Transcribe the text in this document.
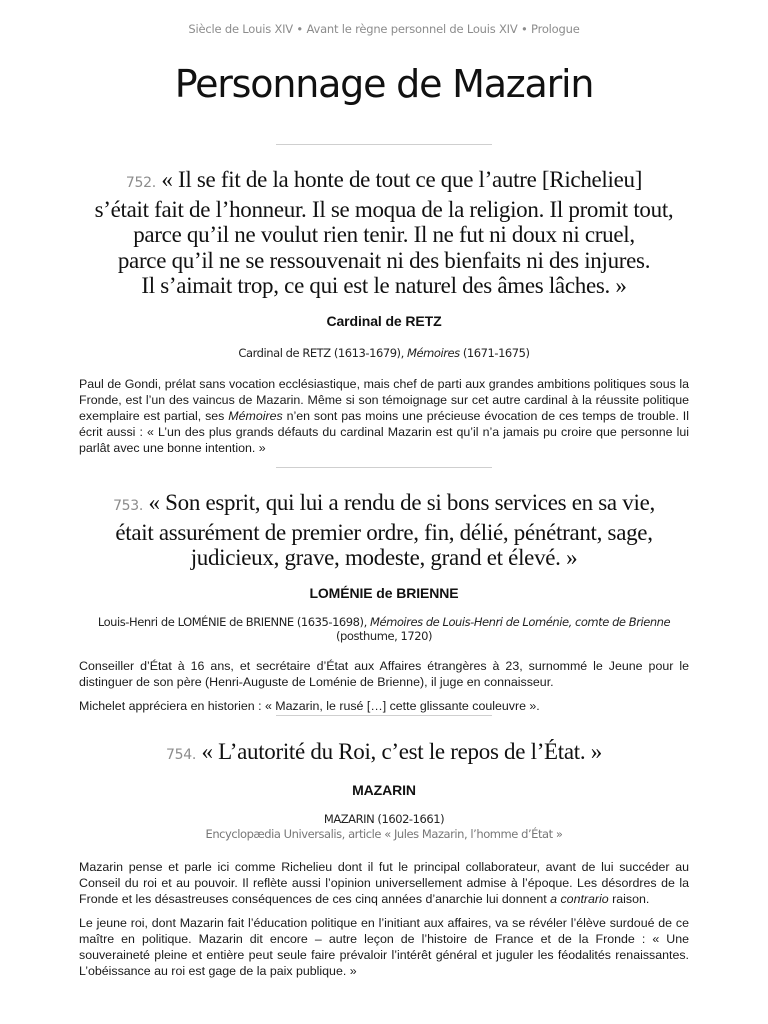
Siècle de Louis XIV • Avant le règne personnel de Louis XIV • Prologue
Personnage de Mazarin

752. « Il se fit de la honte de tout ce que l’autre [Richelieu]
s’était fait de l’honneur. Il se moqua de la religion. Il promit tout,
parce qu’il ne voulut rien tenir. Il ne fut ni doux ni cruel,
parce qu’il ne se ressouvenait ni des bienfaits ni des injures.
Il s’aimait trop, ce qui est le naturel des âmes lâches. »

Cardinal de RETZ

Cardinal de RETZ (1613-1679), Mémoires (1671-1675)

Paul de Gondi, prélat sans vocation ecclésiastique, mais chef de parti aux grandes ambitions politiques sous la Fronde, est l’un des vaincus de Mazarin. Même si son témoignage sur cet autre cardinal à la réussite politique exemplaire est partial, ses Mémoires n’en sont pas moins une précieuse évocation de ces temps de trouble. Il écrit aussi : « L’un des plus grands défauts du cardinal Mazarin est qu’il n’a jamais pu croire que personne lui parlât avec une bonne intention. »

753. « Son esprit, qui lui a rendu de si bons services en sa vie,
était assurément de premier ordre, fin, délié, pénétrant, sage,
judicieux, grave, modeste, grand et élevé. »

LOMÉNIE de BRIENNE

Louis-Henri de LOMÉNIE de BRIENNE (1635-1698), Mémoires de Louis-Henri de Loménie, comte de Brienne (posthume, 1720)

Conseiller d’État à 16 ans, et secrétaire d’État aux Affaires étrangères à 23, surnommé le Jeune pour le distinguer de son père (Henri-Auguste de Loménie de Brienne), il juge en connaisseur.

Michelet appréciera en historien : « Mazarin, le rusé […] cette glissante couleuvre ».

754. « L’autorité du Roi, c’est le repos de l’État. »

MAZARIN

MAZARIN (1602-1661)

Encyclopædia Universalis, article « Jules Mazarin, l’homme d’État »

Mazarin pense et parle ici comme Richelieu dont il fut le principal collaborateur, avant de lui succéder au Conseil du roi et au pouvoir. Il reflète aussi l’opinion universellement admise à l’époque. Les désordres de la Fronde et les désastreuses conséquences de ces cinq années d’anarchie lui donnent a contrario raison.

Le jeune roi, dont Mazarin fait l’éducation politique en l’initiant aux affaires, va se révéler l’élève surdoué de ce maître en politique. Mazarin dit encore – autre leçon de l’histoire de France et de la Fronde : « Une souveraineté pleine et entière peut seule faire prévaloir l’intérêt général et juguler les féodalités renaissantes. L’obéissance au roi est gage de la paix publique. »
